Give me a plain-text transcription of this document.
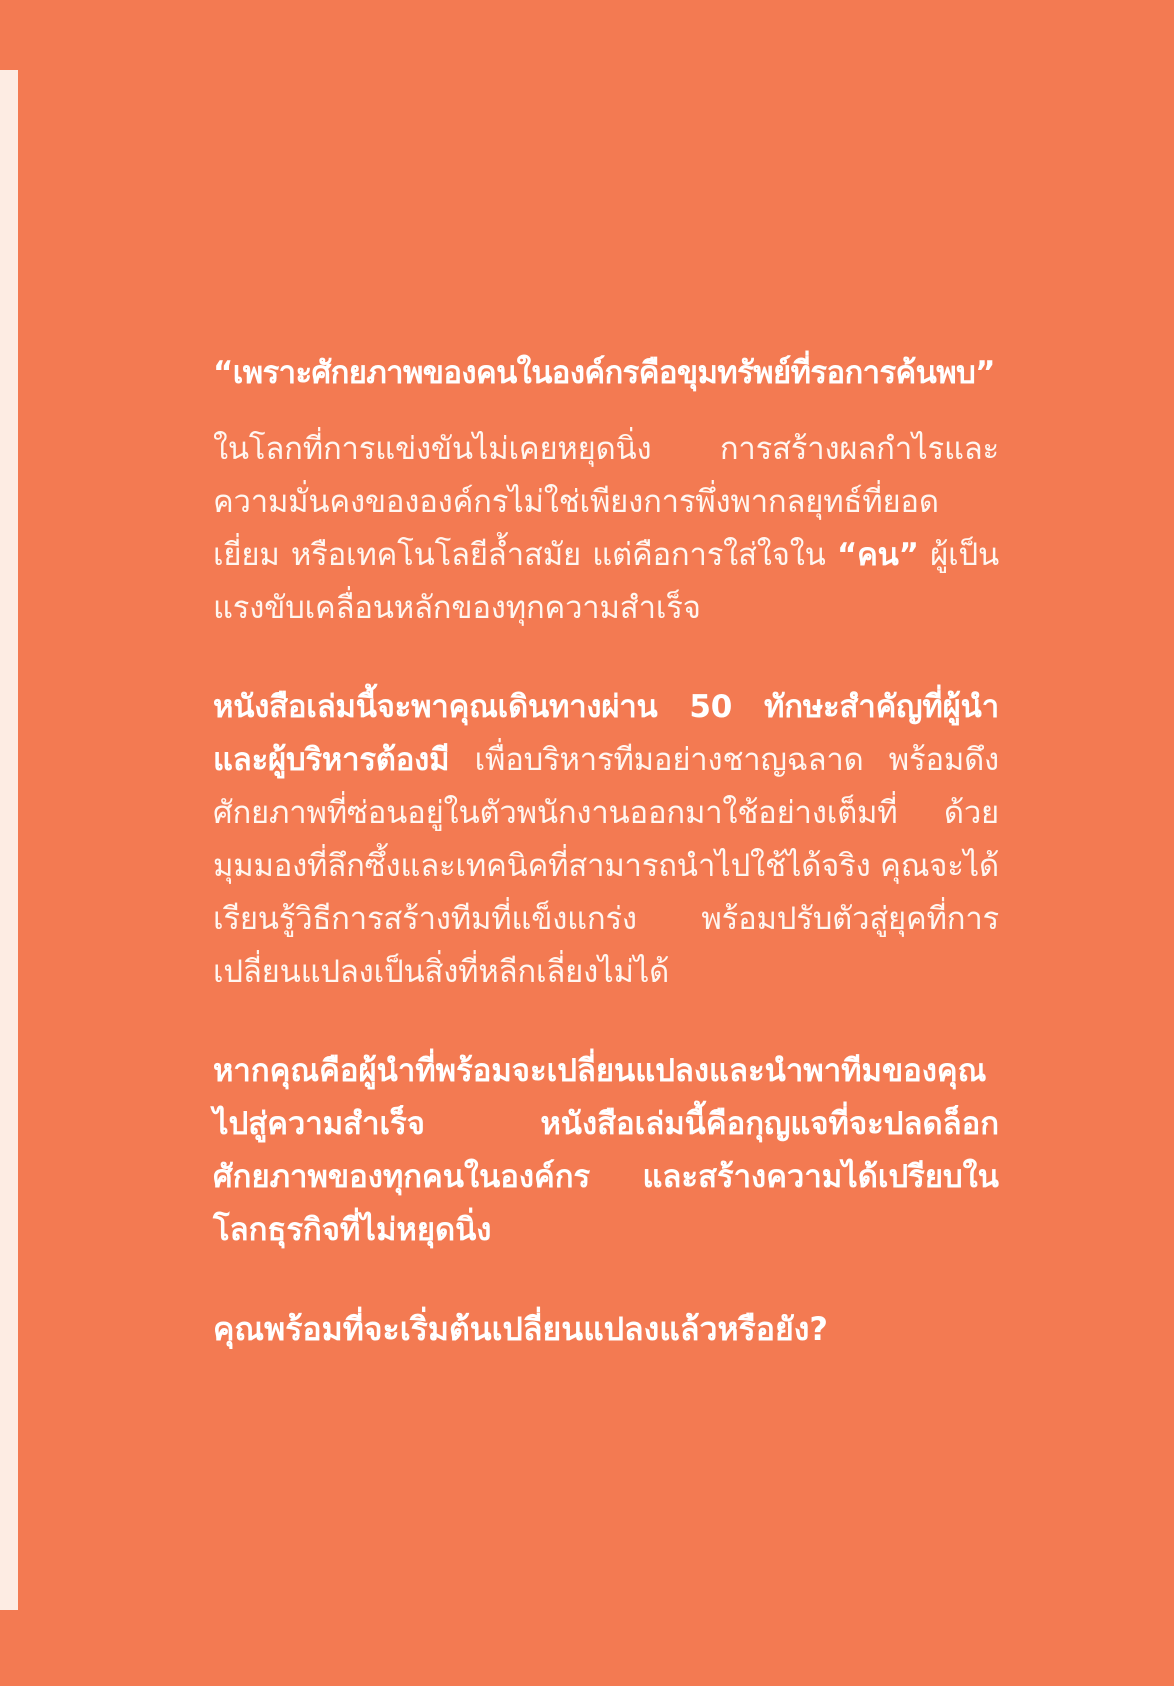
“เพราะศักยภาพของคนในองค์กรคือขุมทรัพย์ที่รอการค้นพบ”

ในโลกที่การแข่งขันไม่เคยหยุดนิ่ง การสร้างผลกำไรและความมั่นคงขององค์กรไม่ใช่เพียงการพึ่งพากลยุทธ์ที่ยอดเยี่ยม หรือเทคโนโลยีล้ำสมัย แต่คือการใส่ใจใน “คน” ผู้เป็นแรงขับเคลื่อนหลักของทุกความสำเร็จ

หนังสือเล่มนี้จะพาคุณเดินทางผ่าน 50 ทักษะสำคัญที่ผู้นำและผู้บริหารต้องมี เพื่อบริหารทีมอย่างชาญฉลาด พร้อมดึงศักยภาพที่ซ่อนอยู่ในตัวพนักงานออกมาใช้อย่างเต็มที่ ด้วยมุมมองที่ลึกซึ้งและเทคนิคที่สามารถนำไปใช้ได้จริง คุณจะได้เรียนรู้วิธีการสร้างทีมที่แข็งแกร่ง พร้อมปรับตัวสู่ยุคที่การเปลี่ยนแปลงเป็นสิ่งที่หลีกเลี่ยงไม่ได้

หากคุณคือผู้นำที่พร้อมจะเปลี่ยนแปลงและนำพาทีมของคุณไปสู่ความสำเร็จ หนังสือเล่มนี้คือกุญแจที่จะปลดล็อกศักยภาพของทุกคนในองค์กร และสร้างความได้เปรียบในโลกธุรกิจที่ไม่หยุดนิ่ง

คุณพร้อมที่จะเริ่มต้นเปลี่ยนแปลงแล้วหรือยัง?
